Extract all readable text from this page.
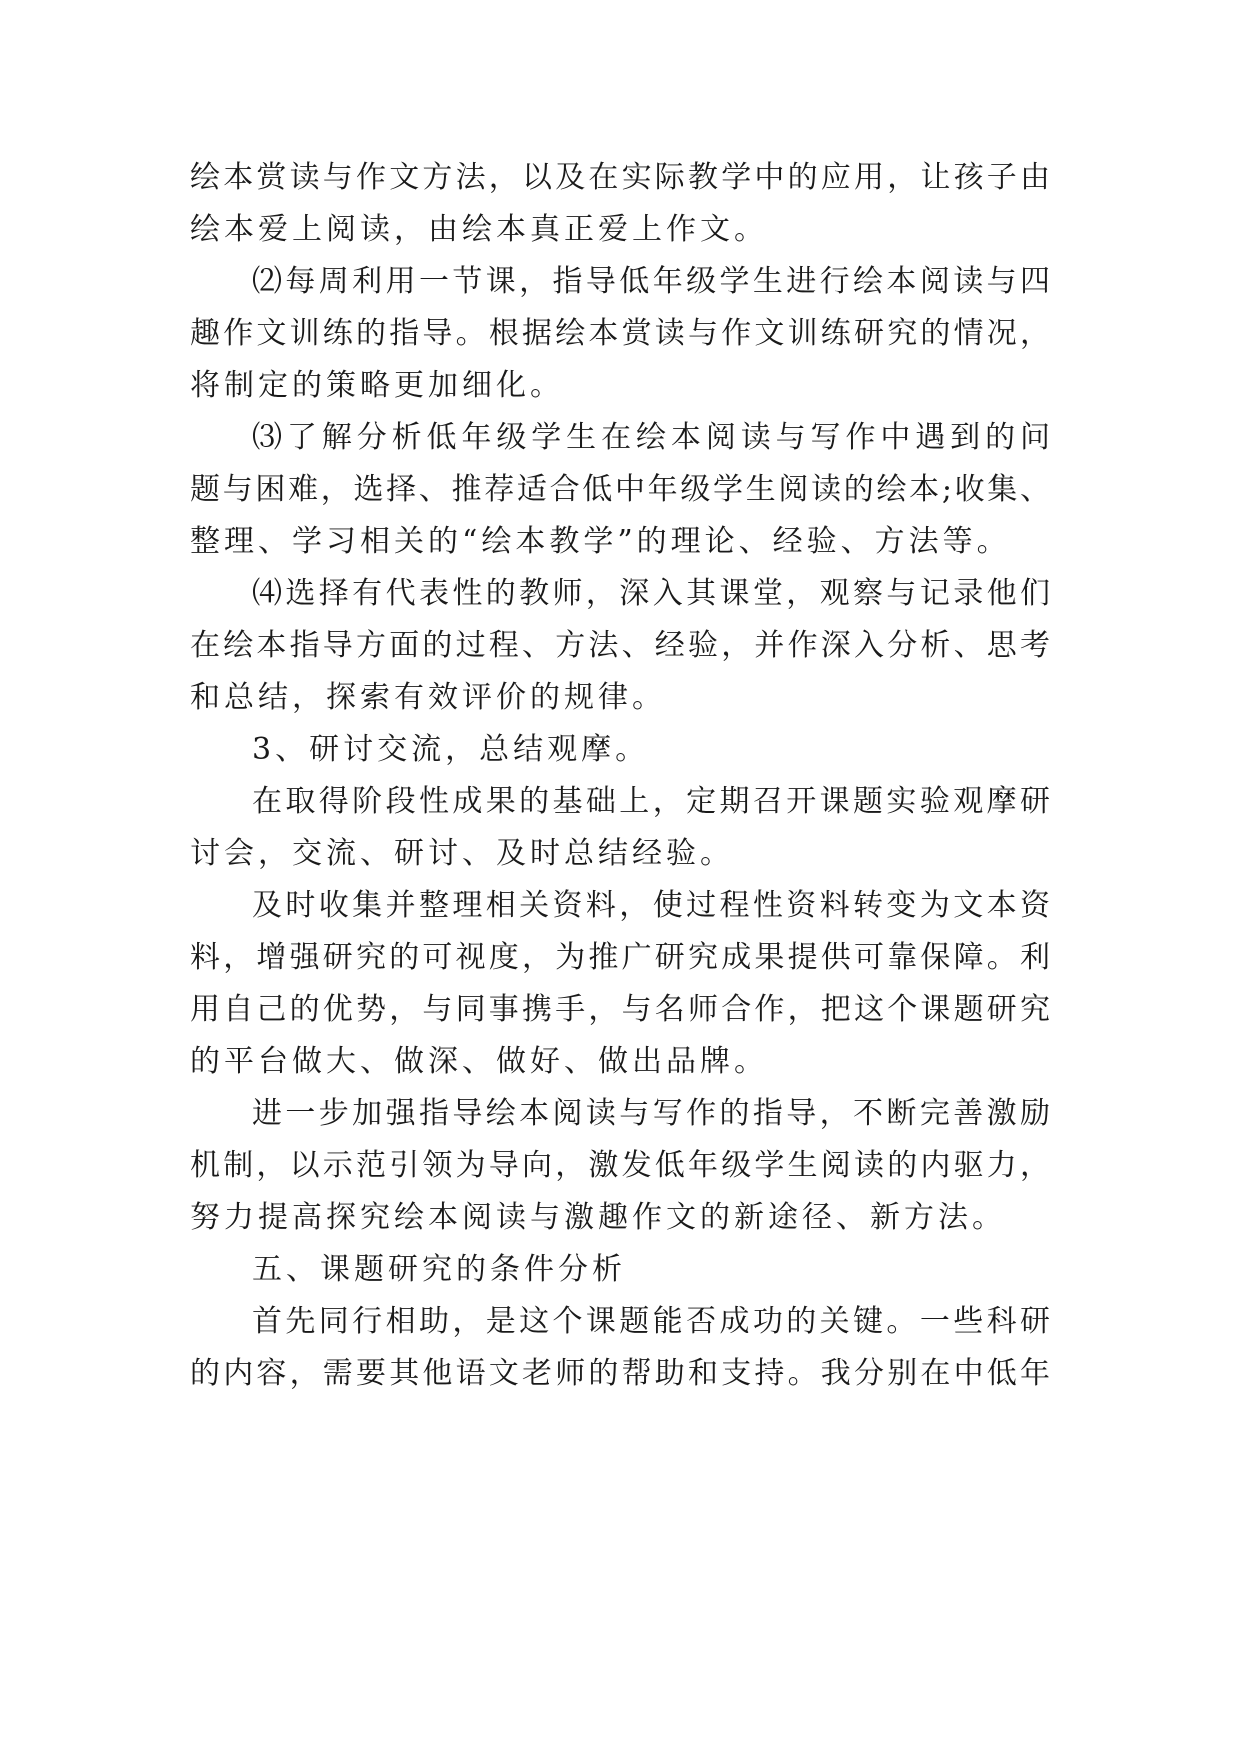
绘本赏读与作文方法，以及在实际教学中的应用，让孩子由
绘本爱上阅读，由绘本真正爱上作文。
⑵每周利用一节课，指导低年级学生进行绘本阅读与四
趣作文训练的指导。根据绘本赏读与作文训练研究的情况，
将制定的策略更加细化。
⑶了解分析低年级学生在绘本阅读与写作中遇到的问
题与困难，选择、推荐适合低中年级学生阅读的绘本;收集、
整理、学习相关的“绘本教学”的理论、经验、方法等。
⑷选择有代表性的教师，深入其课堂，观察与记录他们
在绘本指导方面的过程、方法、经验，并作深入分析、思考
和总结，探索有效评价的规律。
3、研讨交流，总结观摩。
在取得阶段性成果的基础上，定期召开课题实验观摩研
讨会，交流、研讨、及时总结经验。
及时收集并整理相关资料，使过程性资料转变为文本资
料，增强研究的可视度，为推广研究成果提供可靠保障。利
用自己的优势，与同事携手，与名师合作，把这个课题研究
的平台做大、做深、做好、做出品牌。
进一步加强指导绘本阅读与写作的指导，不断完善激励
机制，以示范引领为导向，激发低年级学生阅读的内驱力，
努力提高探究绘本阅读与激趣作文的新途径、新方法。
五、课题研究的条件分析
首先同行相助，是这个课题能否成功的关键。一些科研
的内容，需要其他语文老师的帮助和支持。我分别在中低年
